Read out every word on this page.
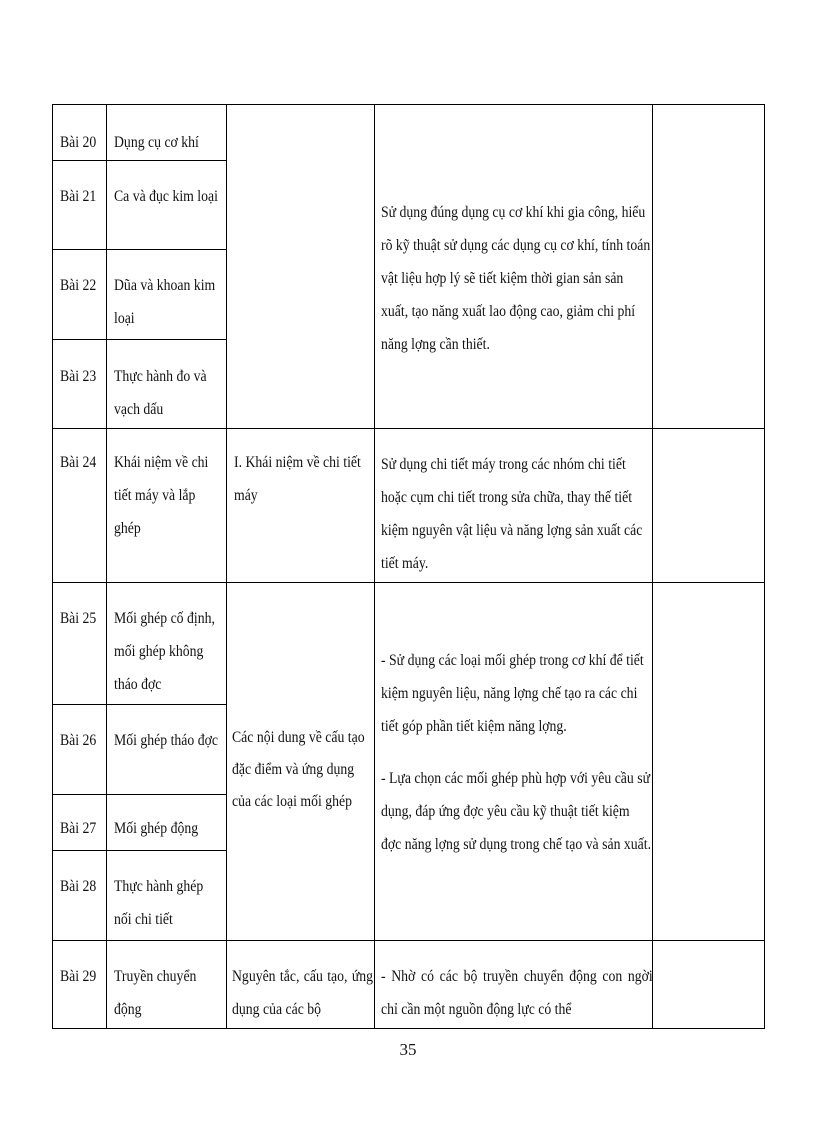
Bài 20
Bài 21
Bài 22
Bài 23
Bài 24
Bài 25
Bài 26
Bài 27
Bài 28
Bài 29
Dụng cụ cơ khí
Ca và đục kim loại
Dũa và khoan kim loại
Thực hành đo và vạch dấu
Khái niệm về chi tiết máy và lắp ghép
Mối ghép cố định, mối ghép không tháo đợc
Mối ghép tháo đợc
Mối ghép động
Thực hành ghép nối chi tiết
Truyền chuyển động
I. Khái niệm về chi tiết máy
Các nội dung về cấu tạo đặc điểm và ứng dụng của các loại mối ghép
Nguyên tắc, cấu tạo, ứng dụng của các bộ
Sử dụng đúng dụng cụ cơ khí khi gia công, hiểu rõ kỹ thuật sử dụng các dụng cụ cơ khí, tính toán vật liệu hợp lý sẽ tiết kiệm thời gian sản sản xuất, tạo năng xuất lao động cao, giảm chi phí năng lợng cần thiết.
Sử dụng chi tiết máy trong các nhóm chi tiết hoặc cụm chi tiết trong sửa chữa, thay thế tiết kiệm nguyên vật liệu và năng lợng sản xuất các tiết máy.
- Sử dụng các loại mối ghép trong cơ khí để tiết kiệm nguyên liệu, năng lợng chế tạo ra các chi tiết góp phần tiết kiệm năng lợng.
- Lựa chọn các mối ghép phù hợp với yêu cầu sử dụng, đáp ứng đợc yêu cầu kỹ thuật tiết kiệm đợc năng lợng sử dụng trong chế tạo và sản xuất.
- Nhờ có các bộ truyền chuyển động con ngời chỉ cần một nguồn động lực có thể
35
